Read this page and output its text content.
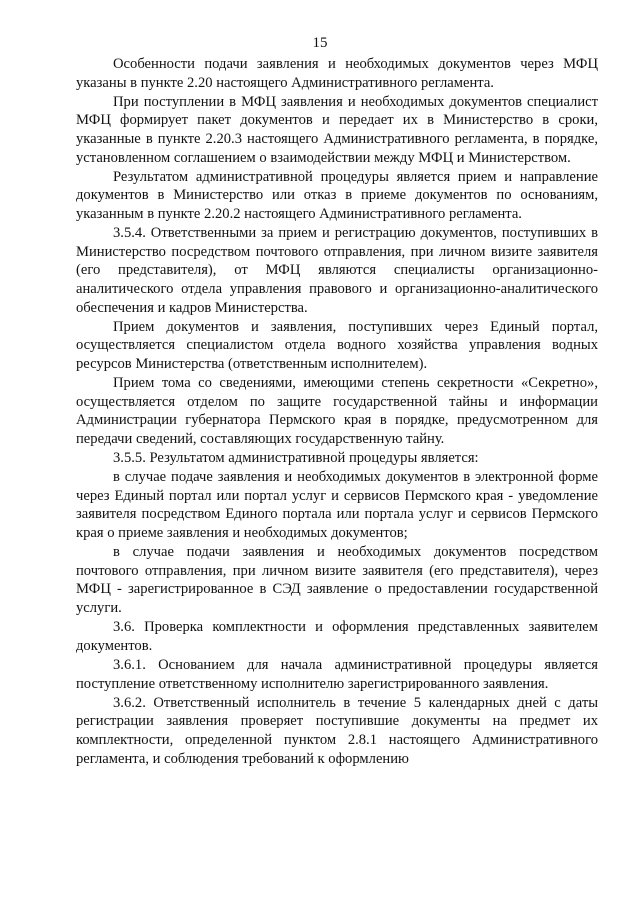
15

Особенности подачи заявления и необходимых документов через МФЦ указаны в пункте 2.20 настоящего Административного регламента.

При поступлении в МФЦ заявления и необходимых документов специалист МФЦ формирует пакет документов и передает их в Министерство в сроки, указанные в пункте 2.20.3 настоящего Административного регламента, в порядке, установленном соглашением о взаимодействии между МФЦ и Министерством.

Результатом административной процедуры является прием и направление документов в Министерство или отказ в приеме документов по основаниям, указанным в пункте 2.20.2 настоящего Административного регламента.

3.5.4. Ответственными за прием и регистрацию документов, поступивших в Министерство посредством почтового отправления, при личном визите заявителя (его представителя), от МФЦ являются специалисты организационно-аналитического отдела управления правового и организационно-аналитического обеспечения и кадров Министерства.

Прием документов и заявления, поступивших через Единый портал, осуществляется специалистом отдела водного хозяйства управления водных ресурсов Министерства (ответственным исполнителем).

Прием тома со сведениями, имеющими степень секретности «Секретно», осуществляется отделом по защите государственной тайны и информации Администрации губернатора Пермского края в порядке, предусмотренном для передачи сведений, составляющих государственную тайну.

3.5.5. Результатом административной процедуры является:

в случае подаче заявления и необходимых документов в электронной форме через Единый портал или портал услуг и сервисов Пермского края - уведомление заявителя посредством Единого портала или портала услуг и сервисов Пермского края о приеме заявления и необходимых документов;

в случае подачи заявления и необходимых документов посредством почтового отправления, при личном визите заявителя (его представителя), через МФЦ - зарегистрированное в СЭД заявление о предоставлении государственной услуги.

3.6. Проверка комплектности и оформления представленных заявителем документов.

3.6.1. Основанием для начала административной процедуры является поступление ответственному исполнителю зарегистрированного заявления.

3.6.2. Ответственный исполнитель в течение 5 календарных дней с даты регистрации заявления проверяет поступившие документы на предмет их комплектности, определенной пунктом 2.8.1 настоящего Административного регламента, и соблюдения требований к оформлению
